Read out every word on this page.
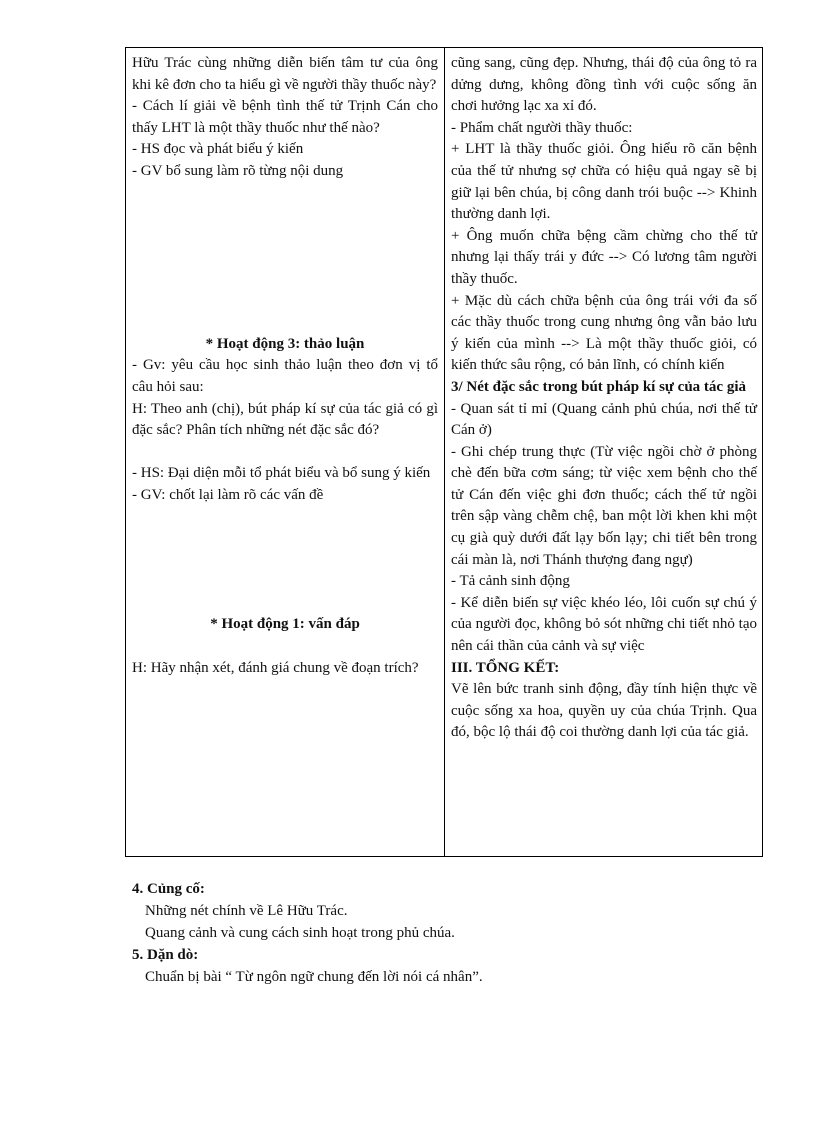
Hữu Trác cùng những diễn biến tâm tư của ông khi kê đơn cho ta hiểu gì về người thầy thuốc này?

- Cách lí giải về bệnh tình thế tử Trịnh Cán cho thấy LHT là một thầy thuốc như thế nào?

- HS đọc và phát biểu ý kiến

- GV bổ sung làm rõ từng nội dung

* Hoạt động 3: thảo luận

- Gv: yêu cầu học sinh thảo luận theo đơn vị tổ câu hỏi sau:

H: Theo anh (chị), bút pháp kí sự của tác giả có gì đặc sắc? Phân tích những nét đặc sắc đó?

- HS: Đại diện mỗi tổ phát biểu và bổ sung ý kiến

- GV: chốt lại làm rõ các vấn đề

* Hoạt động 1: vấn đáp

H: Hãy nhận xét, đánh giá chung về đoạn trích?

cũng sang, cũng đẹp. Nhưng, thái độ của ông tỏ ra dửng dưng, không đồng tình với cuộc sống ăn chơi hưởng lạc xa xỉ đó.

- Phẩm chất người thầy thuốc:

+ LHT là thầy thuốc giỏi. Ông hiểu rõ căn bệnh của thế tử nhưng sợ chữa có hiệu quả ngay sẽ bị giữ lại bên chúa, bị công danh trói buộc --> Khinh thường danh lợi.

+ Ông muốn chữa bệng cầm chừng cho thế tử nhưng lại thấy trái y đức --> Có lương tâm người thầy thuốc.

+ Mặc dù cách chữa bệnh của ông trái với đa số các thầy thuốc trong cung nhưng ông vẫn bảo lưu ý kiến của mình --> Là một thầy thuốc giỏi, có kiến thức sâu rộng, có bản lĩnh, có chính kiến

3/ Nét đặc sắc trong bút pháp kí sự của tác giả

- Quan sát tỉ mỉ (Quang cảnh phủ chúa, nơi thế tử Cán ở)

- Ghi chép trung thực (Từ việc ngồi chờ ở phòng chè đến bữa cơm sáng; từ việc xem bệnh cho thế tử Cán đến việc ghi đơn thuốc; cách thế tử ngồi trên sập vàng chễm chệ, ban một lời khen khi một cụ già quỳ dưới đất lạy bốn lạy; chi tiết bên trong cái màn là, nơi Thánh thượng đang ngự)

- Tả cảnh sinh động

- Kể diễn biến sự việc khéo léo, lôi cuốn sự chú ý của người đọc, không bỏ sót những chi tiết nhỏ tạo nên cái thần của cảnh và sự việc

III. TỔNG KẾT:

Vẽ lên bức tranh sinh động, đầy tính hiện thực về cuộc sống xa hoa, quyền uy của chúa Trịnh. Qua đó, bộc lộ thái độ coi thường danh lợi của tác giả.

4. Củng cố:
Những nét chính về Lê Hữu Trác.
Quang cảnh và cung cách sinh hoạt trong phủ chúa.
5. Dặn dò:
Chuẩn bị bài “ Từ ngôn ngữ chung đến lời nói cá nhân”.
